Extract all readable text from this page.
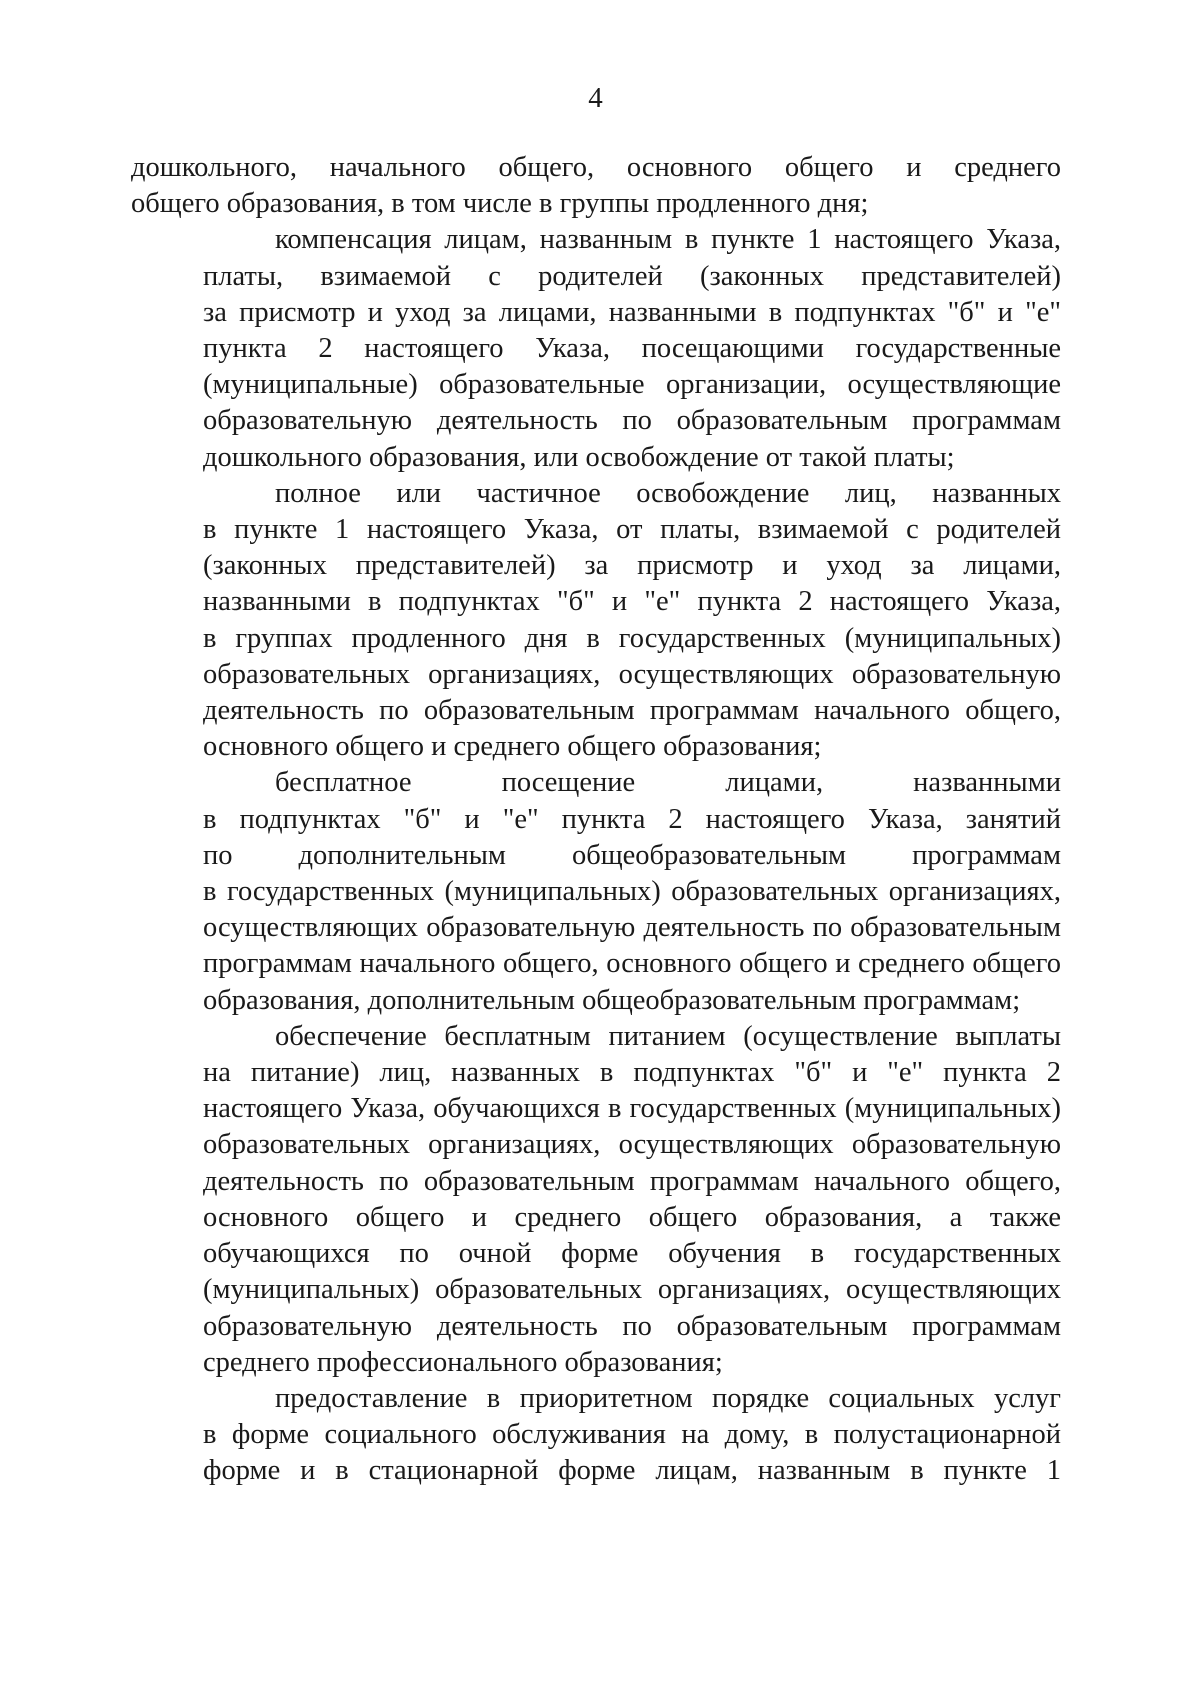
4
дошкольного, начального общего, основного общего и среднего
общего образования, в том числе в группы продленного дня;
компенсация лицам, названным в пункте 1 настоящего Указа,
платы, взимаемой с родителей (законных представителей)
за присмотр и уход за лицами, названными в подпунктах "б" и "е"
пункта 2 настоящего Указа, посещающими государственные
(муниципальные) образовательные организации, осуществляющие
образовательную деятельность по образовательным программам
дошкольного образования, или освобождение от такой платы;
полное или частичное освобождение лиц, названных
в пункте 1 настоящего Указа, от платы, взимаемой с родителей
(законных представителей) за присмотр и уход за лицами,
названными в подпунктах "б" и "е" пункта 2 настоящего Указа,
в группах продленного дня в государственных (муниципальных)
образовательных организациях, осуществляющих образовательную
деятельность по образовательным программам начального общего,
основного общего и среднего общего образования;
бесплатное посещение лицами, названными
в подпунктах "б" и "е" пункта 2 настоящего Указа, занятий
по дополнительным общеобразовательным программам
в государственных (муниципальных) образовательных организациях,
осуществляющих образовательную деятельность по образовательным
программам начального общего, основного общего и среднего общего
образования, дополнительным общеобразовательным программам;
обеспечение бесплатным питанием (осуществление выплаты
на питание) лиц, названных в подпунктах "б" и "е" пункта 2
настоящего Указа, обучающихся в государственных (муниципальных)
образовательных организациях, осуществляющих образовательную
деятельность по образовательным программам начального общего,
основного общего и среднего общего образования, а также
обучающихся по очной форме обучения в государственных
(муниципальных) образовательных организациях, осуществляющих
образовательную деятельность по образовательным программам
среднего профессионального образования;
предоставление в приоритетном порядке социальных услуг
в форме социального обслуживания на дому, в полустационарной
форме и в стационарной форме лицам, названным в пункте 1
